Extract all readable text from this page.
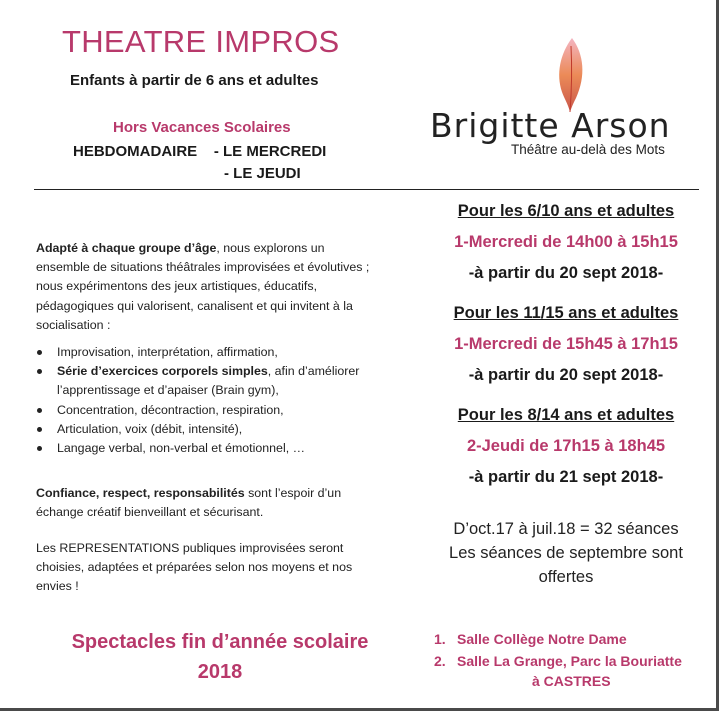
THEATRE IMPROS
Enfants à partir de 6 ans et adultes
Hors Vacances Scolaires
HEBDOMADAIRE - LE MERCREDI
- LE JEUDI
Brigitte Arson
Théâtre au-delà des Mots
Adapté à chaque groupe d’âge, nous explorons un ensemble de situations théâtrales improvisées et évolutives ; nous expérimentons des jeux artistiques, éducatifs, pédagogiques qui valorisent, canalisent et qui invitent à la socialisation :
Improvisation, interprétation, affirmation,
Série d’exercices corporels simples, afin d’améliorer l’apprentissage et d’apaiser (Brain gym),
Concentration, décontraction, respiration,
Articulation, voix (débit, intensité),
Langage verbal, non-verbal et émotionnel, …
Confiance, respect, responsabilités sont l’espoir d’un échange créatif bienveillant et sécurisant.
Les REPRESENTATIONS publiques improvisées seront choisies, adaptées et préparées selon nos moyens et nos envies !
Spectacles fin d’année scolaire
2018
Pour les 6/10 ans et adultes
1-Mercredi de 14h00 à 15h15
-à partir du 20 sept 2018-
Pour les 11/15 ans et adultes
1-Mercredi de 15h45 à 17h15
-à partir du 20 sept 2018-
Pour les 8/14 ans et adultes
2-Jeudi de 17h15 à 18h45
-à partir du 21 sept 2018-
D’oct.17 à juil.18 = 32 séances
Les séances de septembre sont
offertes
1. Salle Collège Notre Dame
2. Salle La Grange, Parc la Bouriatte
à CASTRES
